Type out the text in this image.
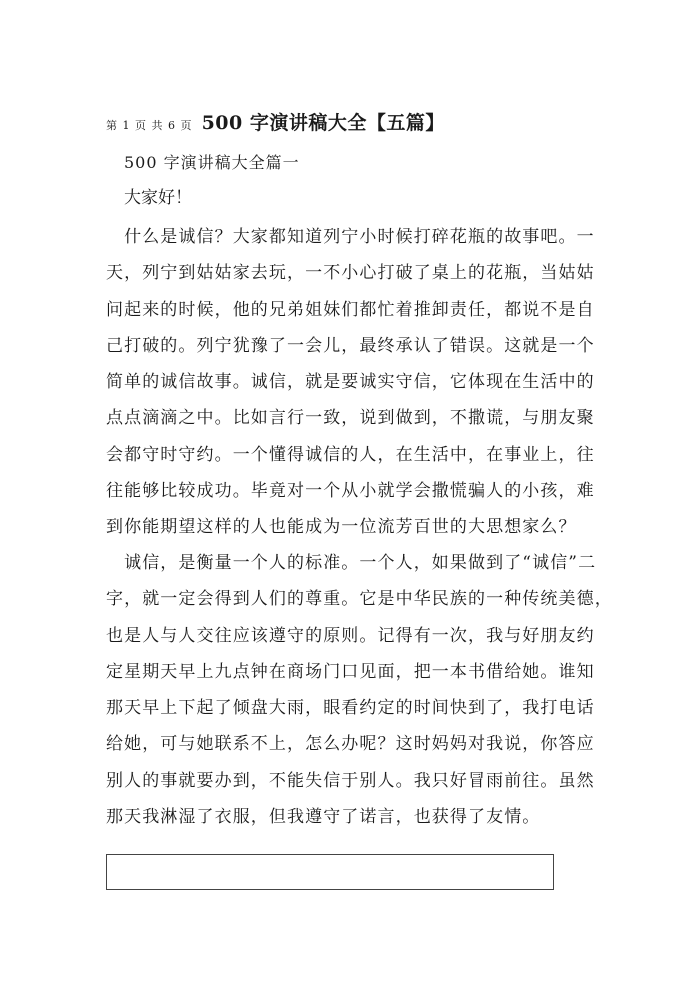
第 1 页 共 6 页 500 字演讲稿大全【五篇】
500 字演讲稿大全篇一
大家好！
　什么是诚信？大家都知道列宁小时候打碎花瓶的故事吧。一
天，列宁到姑姑家去玩，一不小心打破了桌上的花瓶，当姑姑
问起来的时候，他的兄弟姐妹们都忙着推卸责任，都说不是自
己打破的。列宁犹豫了一会儿，最终承认了错误。这就是一个
简单的诚信故事。诚信，就是要诚实守信，它体现在生活中的
点点滴滴之中。比如言行一致，说到做到，不撒谎，与朋友聚
会都守时守约。一个懂得诚信的人，在生活中，在事业上，往
往能够比较成功。毕竟对一个从小就学会撒慌骗人的小孩，难
到你能期望这样的人也能成为一位流芳百世的大思想家么？
　诚信，是衡量一个人的标准。一个人，如果做到了“诚信”二
字，就一定会得到人们的尊重。它是中华民族的一种传统美德，
也是人与人交往应该遵守的原则。记得有一次，我与好朋友约
定星期天早上九点钟在商场门口见面，把一本书借给她。谁知
那天早上下起了倾盘大雨，眼看约定的时间快到了，我打电话
给她，可与她联系不上，怎么办呢？这时妈妈对我说，你答应
别人的事就要办到，不能失信于别人。我只好冒雨前往。虽然
那天我淋湿了衣服，但我遵守了诺言，也获得了友情。
